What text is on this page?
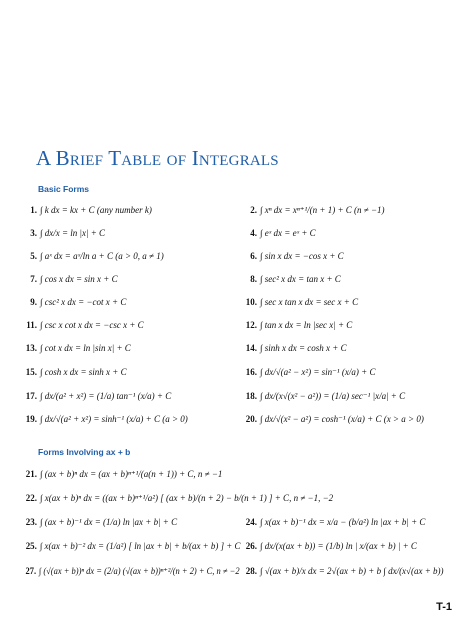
A Brief Table of Integrals
Basic Forms
1. ∫ k dx = kx + C (any number k)	2. ∫ xⁿ dx = xⁿ⁺¹/(n + 1) + C (n ≠ −1)
3. ∫ dx/x = ln |x| + C	4. ∫ eˣ dx = eˣ + C
5. ∫ aˣ dx = aˣ/ln a + C (a > 0, a ≠ 1)	6. ∫ sin x dx = −cos x + C
7. ∫ cos x dx = sin x + C	8. ∫ sec² x dx = tan x + C
9. ∫ csc² x dx = −cot x + C	10. ∫ sec x tan x dx = sec x + C
11. ∫ csc x cot x dx = −csc x + C	12. ∫ tan x dx = ln |sec x| + C
13. ∫ cot x dx = ln |sin x| + C	14. ∫ sinh x dx = cosh x + C
15. ∫ cosh x dx = sinh x + C	16. ∫ dx/√(a² − x²) = sin⁻¹ (x/a) + C
17. ∫ dx/(a² + x²) = (1/a) tan⁻¹ (x/a) + C	18. ∫ dx/(x√(x² − a²)) = (1/a) sec⁻¹ |x/a| + C
19. ∫ dx/√(a² + x²) = sinh⁻¹ (x/a) + C (a > 0)	20. ∫ dx/√(x² − a²) = cosh⁻¹ (x/a) + C (x > a > 0)
Forms Involving ax + b
21. ∫ (ax + b)ⁿ dx = (ax + b)ⁿ⁺¹/(a(n + 1)) + C, n ≠ −1
22. ∫ x(ax + b)ⁿ dx = ((ax + b)ⁿ⁺¹/a²) [ (ax + b)/(n + 2) − b/(n + 1) ] + C, n ≠ −1, −2
23. ∫ (ax + b)⁻¹ dx = (1/a) ln |ax + b| + C	24. ∫ x(ax + b)⁻¹ dx = x/a − (b/a²) ln |ax + b| + C
25. ∫ x(ax + b)⁻² dx = (1/a²) [ ln |ax + b| + b/(ax + b) ] + C 26. ∫ dx/(x(ax + b)) = (1/b) ln | x/(ax + b) | + C
27. ∫ (√(ax + b))ⁿ dx = (2/a) (√(ax + b))ⁿ⁺²/(n + 2) + C, n ≠ −2 28. ∫ √(ax + b)/x dx = 2√(ax + b) + b ∫ dx/(x√(ax + b))
T-1
